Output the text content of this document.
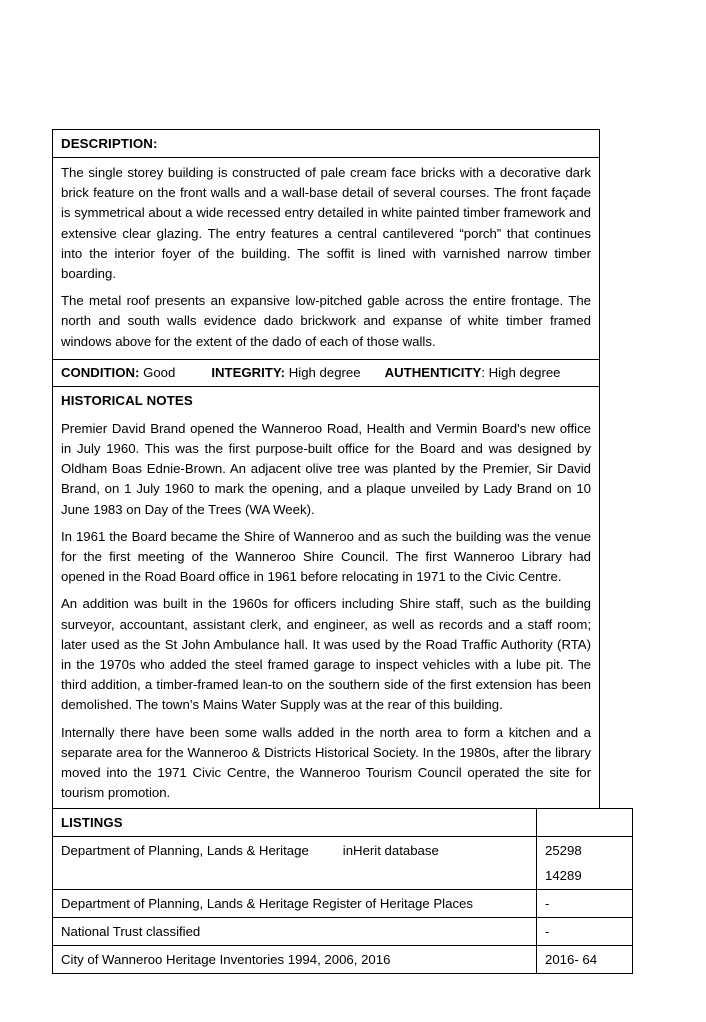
DESCRIPTION:

The single storey building is constructed of pale cream face bricks with a decorative dark brick feature on the front walls and a wall-base detail of several courses. The front façade is symmetrical about a wide recessed entry detailed in white painted timber framework and extensive clear glazing. The entry features a central cantilevered “porch” that continues into the interior foyer of the building. The soffit is lined with varnished narrow timber boarding.

The metal roof presents an expansive low-pitched gable across the entire frontage. The north and south walls evidence dado brickwork and expanse of white timber framed windows above for the extent of the dado of each of those walls.

CONDITION: Good	INTEGRITY: High degree AUTHENTICITY: High degree
HISTORICAL NOTES

Premier David Brand opened the Wanneroo Road, Health and Vermin Board's new office in July 1960. This was the first purpose-built office for the Board and was designed by Oldham Boas Ednie-Brown. An adjacent olive tree was planted by the Premier, Sir David Brand, on 1 July 1960 to mark the opening, and a plaque unveiled by Lady Brand on 10 June 1983 on Day of the Trees (WA Week).

In 1961 the Board became the Shire of Wanneroo and as such the building was the venue for the first meeting of the Wanneroo Shire Council. The first Wanneroo Library had opened in the Road Board office in 1961 before relocating in 1971 to the Civic Centre.

An addition was built in the 1960s for officers including Shire staff, such as the building surveyor, accountant, assistant clerk, and engineer, as well as records and a staff room; later used as the St John Ambulance hall. It was used by the Road Traffic Authority (RTA) in the 1970s who added the steel framed garage to inspect vehicles with a lube pit. The third addition, a timber-framed lean-to on the southern side of the first extension has been demolished. The town’s Mains Water Supply was at the rear of this building.

Internally there have been some walls added in the north area to form a kitchen and a separate area for the Wanneroo & Districts Historical Society. In the 1980s, after the library moved into the 1971 Civic Centre, the Wanneroo Tourism Council operated the site for tourism promotion.

LISTINGS	
Department of Planning, Lands & Heritage inHerit database	25298
14289

Department of Planning, Lands & Heritage Register of Heritage Places	-
National Trust classified	-
City of Wanneroo Heritage Inventories 1994, 2006, 2016	2016- 64
